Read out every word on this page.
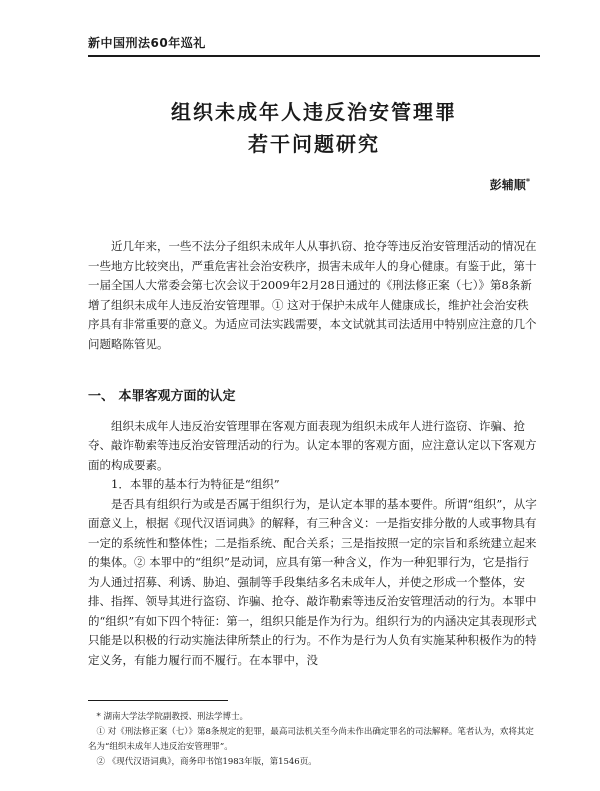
新中国刑法60年巡礼
组织未成年人违反治安管理罪
若干问题研究
彭辅顺*

近几年来，一些不法分子组织未成年人从事扒窃、抢夺等违反治安管理活动的情况在一些地方比较突出，严重危害社会治安秩序，损害未成年人的身心健康。有鉴于此，第十一届全国人大常委会第七次会议于2009年2月28日通过的《刑法修正案（七）》第8条新增了组织未成年人违反治安管理罪。① 这对于保护未成年人健康成长，维护社会治安秩序具有非常重要的意义。为适应司法实践需要，本文试就其司法适用中特别应注意的几个问题略陈管见。

一、 本罪客观方面的认定

组织未成年人违反治安管理罪在客观方面表现为组织未成年人进行盗窃、诈骗、抢夺、敲诈勒索等违反治安管理活动的行为。认定本罪的客观方面，应注意认定以下客观方面的构成要素。

1．本罪的基本行为特征是“组织”

是否具有组织行为或是否属于组织行为，是认定本罪的基本要件。所谓“组织”，从字面意义上，根据《现代汉语词典》的解释，有三种含义：一是指安排分散的人或事物具有一定的系统性和整体性；二是指系统、配合关系；三是指按照一定的宗旨和系统建立起来的集体。② 本罪中的“组织”是动词，应具有第一种含义，作为一种犯罪行为，它是指行为人通过招募、利诱、胁迫、强制等手段集结多名未成年人，并使之形成一个整体，安排、指挥、领导其进行盗窃、诈骗、抢夺、敲诈勒索等违反治安管理活动的行为。本罪中的“组织”有如下四个特征：第一，组织只能是作为行为。组织行为的内涵决定其表现形式只能是以积极的行动实施法律所禁止的行为。不作为是行为人负有实施某种积极作为的特定义务，有能力履行而不履行。在本罪中，没

* 湖南大学法学院副教授、刑法学博士。

① 对《刑法修正案（七）》第8条规定的犯罪，最高司法机关至今尚未作出确定罪名的司法解释。笔者认为，欢将其定名为“组织未成年人违反治安管理罪”。

② 《现代汉语词典》，商务印书馆1983年版，第1546页。
